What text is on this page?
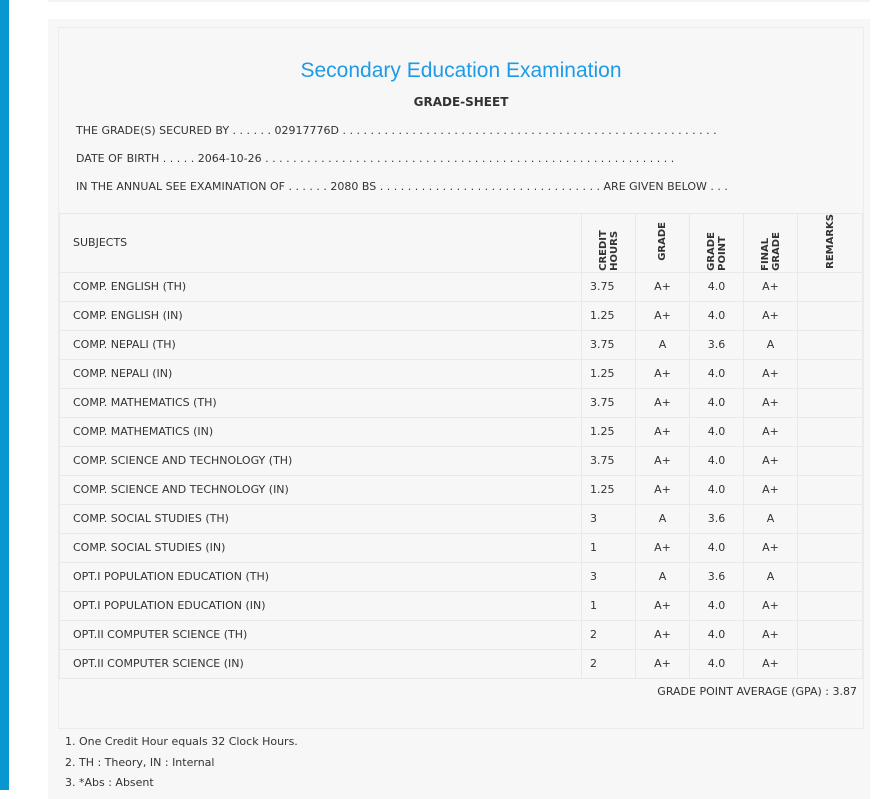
1. One Credit Hour equals 32 Clock Hours.
2. TH : Theory, IN : Internal
3. *Abs : Absent
Secondary Education Examination
GRADE-SHEET
THE GRADE(S) SECURED BY . . . . . . 02917776D . . . . . . . . . . . . . . . . . . . . . . . . . . . . . . . . . . . . . . . . . . . . . . . . . . . . . .
DATE OF BIRTH . . . . . 2064-10-26 . . . . . . . . . . . . . . . . . . . . . . . . . . . . . . . . . . . . . . . . . . . . . . . . . . . . . . . . . . .
IN THE ANNUAL SEE EXAMINATION OF . . . . . . 2080 BS . . . . . . . . . . . . . . . . . . . . . . . . . . . . . . . . ARE GIVEN BELOW . . .
SUBJECTS	CREDIT HOURS	GRADE	GRADE POINT	FINAL GRADE	REMARKS
COMP. ENGLISH (TH)	3.75	A+	4.0	A+	
COMP. ENGLISH (IN)	1.25	A+	4.0	A+	
COMP. NEPALI (TH)	3.75	A	3.6	A	
COMP. NEPALI (IN)	1.25	A+	4.0	A+	
COMP. MATHEMATICS (TH)	3.75	A+	4.0	A+	
COMP. MATHEMATICS (IN)	1.25	A+	4.0	A+	
COMP. SCIENCE AND TECHNOLOGY (TH)	3.75	A+	4.0	A+	
COMP. SCIENCE AND TECHNOLOGY (IN)	1.25	A+	4.0	A+	
COMP. SOCIAL STUDIES (TH)	3	A	3.6	A	
COMP. SOCIAL STUDIES (IN)	1	A+	4.0	A+	
OPT.I POPULATION EDUCATION (TH)	3	A	3.6	A	
OPT.I POPULATION EDUCATION (IN)	1	A+	4.0	A+	
OPT.II COMPUTER SCIENCE (TH)	2	A+	4.0	A+	
OPT.II COMPUTER SCIENCE (IN)	2	A+	4.0	A+	
GRADE POINT AVERAGE (GPA) : 3.87
